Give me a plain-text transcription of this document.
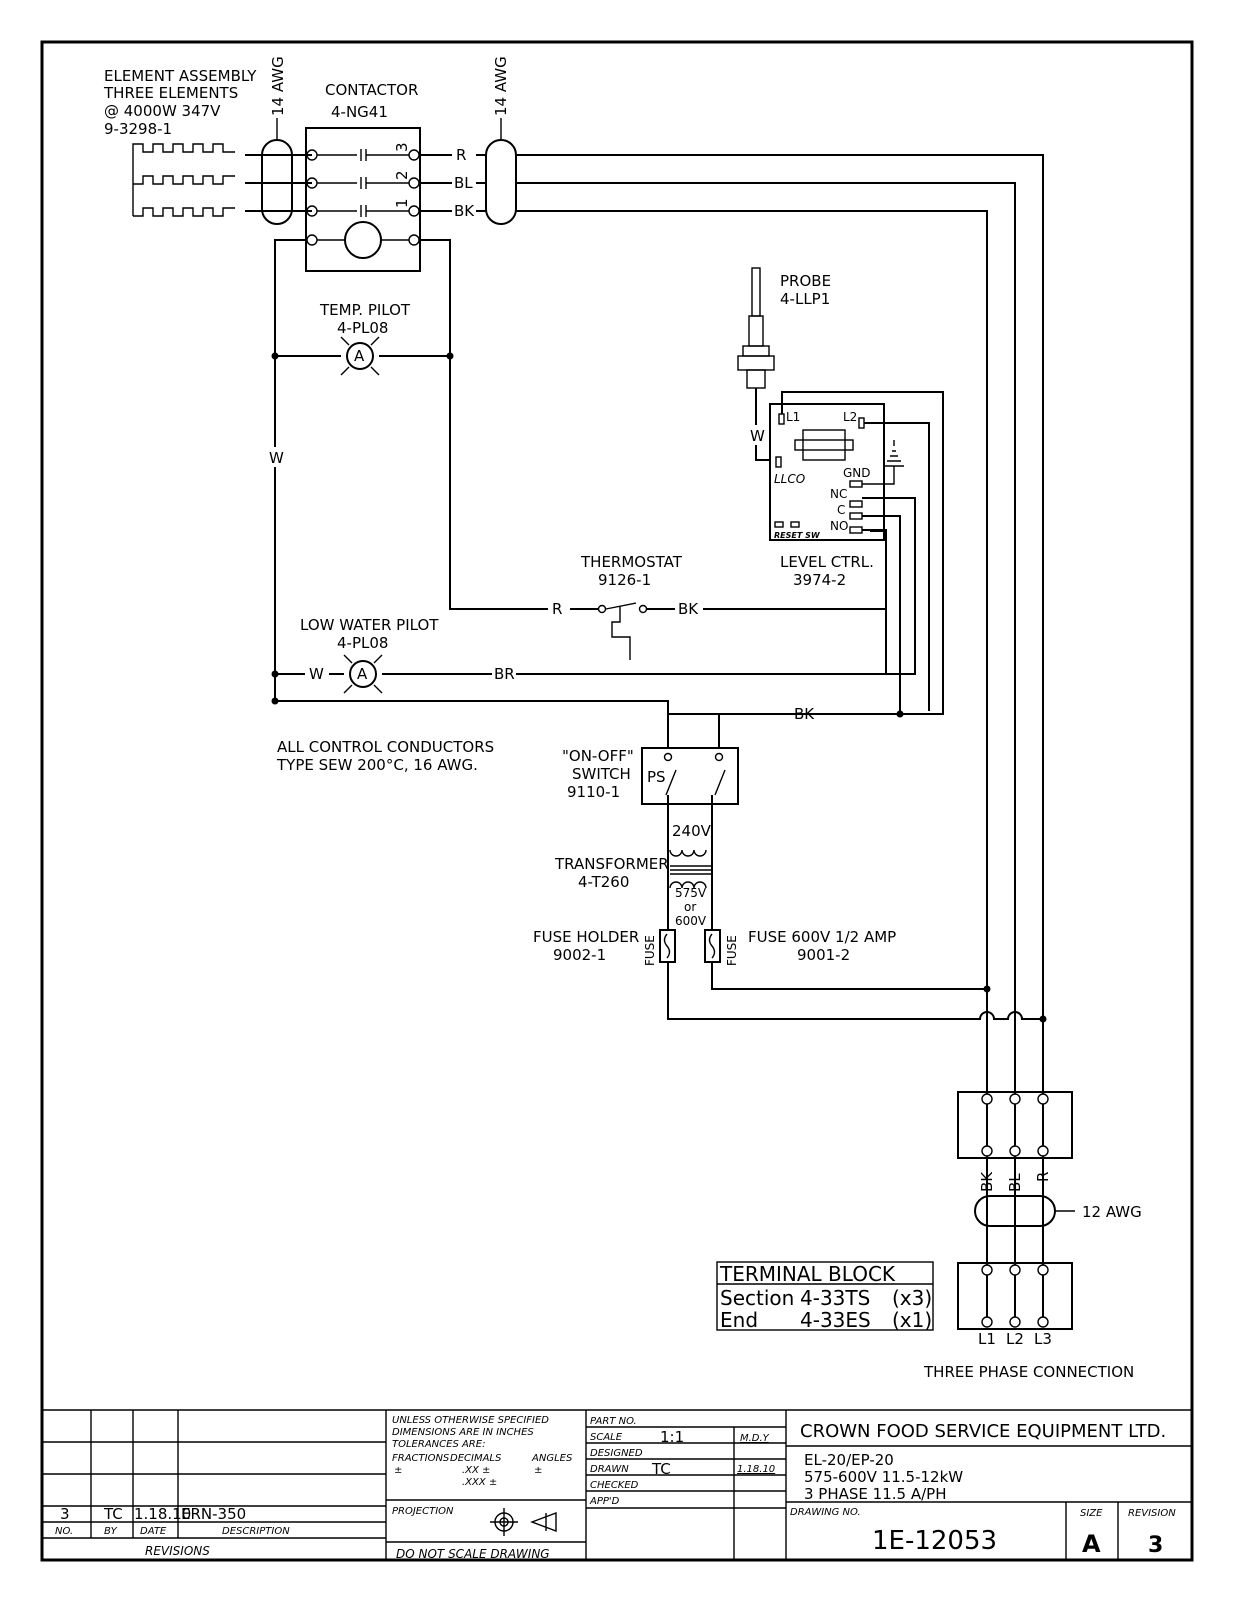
ELEMENT ASSEMBLY
THREE ELEMENTS
@ 4000W 347V
9-3298-1
14 AWG	CONTACTOR
4-NG41
3
2
1
R
BL
BK
14 AWG
A
TEMP. PILOT
4-PL08
W
R	BK
THERMOSTAT
9126-1
W	BR
A
LOW WATER PILOT
4-PL08
ALL CONTROL CONDUCTORS
TYPE SEW 200°C, 16 AWG.
PROBE
4-LLP1
W
L1	L2
LLCO	GND
NC
C
NO
RESET SW
LEVEL CTRL.
3974-2
BK
"ON-OFF"
SWITCH
9110-1
PS
240V
TRANSFORMER
4-T260
575V
or
600V
FUSE	FUSE
FUSE HOLDER
9002-1
FUSE 600V 1/2 AMP
9001-2
BK BL R
12 AWG
L1 L2 L3
THREE PHASE CONNECTION
TERMINAL BLOCK
Section 4-33TS (x3)
End 4-33ES (x1)
3 TC 1.18.10
ERN-350
NO.	BY DATE	DESCRIPTION
REVISIONS
UNLESS OTHERWISE SPECIFIED
DIMENSIONS ARE IN INCHES
TOLERANCES ARE:
FRACTIONS DECIMALS	ANGLES
±	.XX ±	±
.XXX ±
PROJECTION
DO NOT SCALE DRAWING
PART NO.
SCALE	1:1	M.D.Y
DESIGNED
DRAWN TC	1.18.10
CHECKED
APP'D
CROWN FOOD SERVICE EQUIPMENT LTD.
EL-20/EP-20
575-600V 11.5-12kW
3 PHASE 11.5 A/PH
DRAWING NO.
1E-12053
SIZE
A
REVISION
3
